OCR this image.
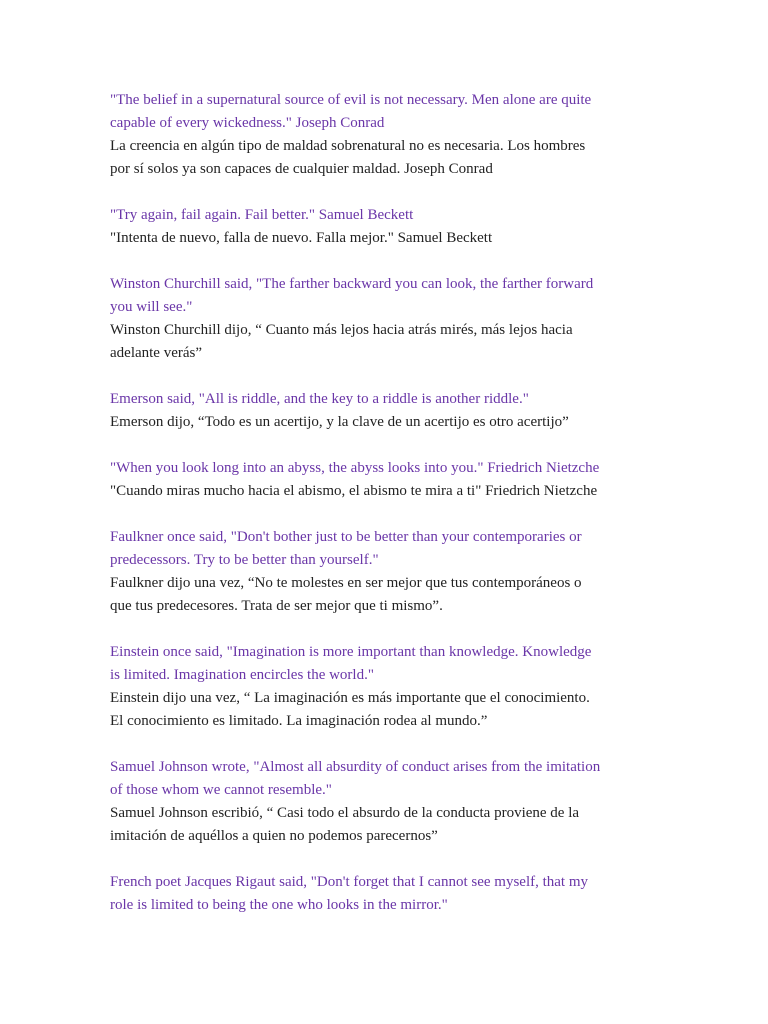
"The belief in a supernatural source of evil is not necessary. Men alone are quite
capable of every wickedness." Joseph Conrad
La creencia en algún tipo de maldad sobrenatural no es necesaria. Los hombres
por sí solos ya son capaces de cualquier maldad. Joseph Conrad
"Try again, fail again. Fail better." Samuel Beckett
"Intenta de nuevo, falla de nuevo. Falla mejor." Samuel Beckett
Winston Churchill said, "The farther backward you can look, the farther forward
you will see."
Winston Churchill dijo, “ Cuanto más lejos hacia atrás mirés, más lejos hacia
adelante verás”
Emerson said, "All is riddle, and the key to a riddle is another riddle."
Emerson dijo, “Todo es un acertijo, y la clave de un acertijo es otro acertijo”
"When you look long into an abyss, the abyss looks into you." Friedrich Nietzche
"Cuando miras mucho hacia el abismo, el abismo te mira a ti" Friedrich Nietzche
Faulkner once said, "Don't bother just to be better than your contemporaries or
predecessors. Try to be better than yourself."
Faulkner dijo una vez, “No te molestes en ser mejor que tus contemporáneos o
que tus predecesores. Trata de ser mejor que ti mismo”.
Einstein once said, "Imagination is more important than knowledge. Knowledge
is limited. Imagination encircles the world."
Einstein dijo una vez, “ La imaginación es más importante que el conocimiento.
El conocimiento es limitado. La imaginación rodea al mundo.”
Samuel Johnson wrote, "Almost all absurdity of conduct arises from the imitation
of those whom we cannot resemble."
Samuel Johnson escribió, “ Casi todo el absurdo de la conducta proviene de la
imitación de aquéllos a quien no podemos parecernos”
French poet Jacques Rigaut said, "Don't forget that I cannot see myself, that my
role is limited to being the one who looks in the mirror."
